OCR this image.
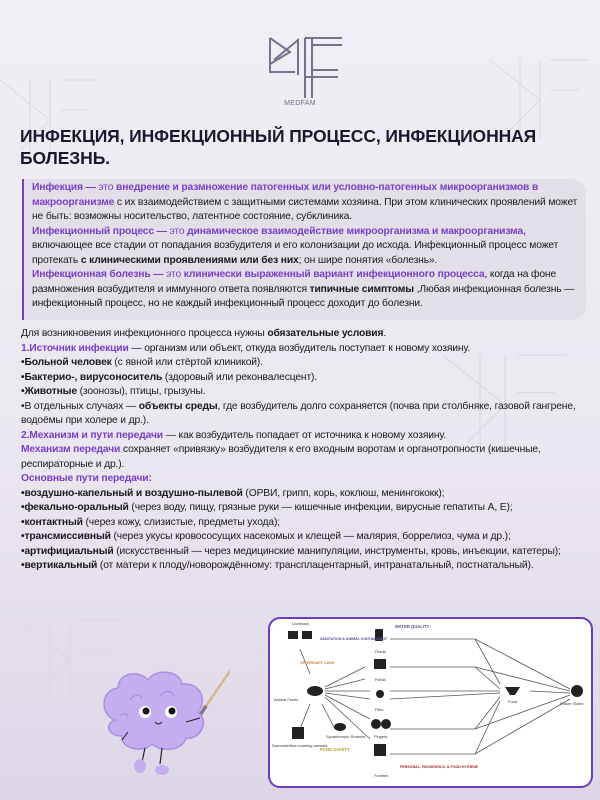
MEDFAM
ИНФЕКЦИЯ, ИНФЕКЦИОННЫЙ ПРОЦЕСС, ИНФЕКЦИОННАЯ БОЛЕЗНЬ.

Инфекция — это внедрение и размножение патогенных или условно-патогенных микроорганизмов в макроорганизме с их взаимодействием с защитными системами хозяина. При этом клинических проявлений может не быть: возможны носительство, латентное состояние, субклиника.

Инфекционный процесс — это динамическое взаимодействие микроорганизма и макроорганизма, включающее все стадии от попадания возбудителя и его колонизации до исхода. Инфекционный процесс может протекать с клиническими проявлениями или без них; он шире понятия «болезнь».

Инфекционная болезнь — это клинически выраженный вариант инфекционного процесса, когда на фоне размножения возбудителя и иммунного ответа появляются типичные симптомы ,Любая инфекционная болезнь — инфекционный процесс, но не каждый инфекционный процесс доходит до болезни.

Для возникновения инфекционного процесса нужны обязательные условия.

1.Источник инфекции — организм или объект, откуда возбудитель поступает к новому хозяину.

•Больной человек (с явной или стёртой клиникой).

•Бактерио-, вирусоноситель (здоровый или реконвалесцент).

•Животные (зоонозы), птицы, грызуны.

•В отдельных случаях — объекты среды, где возбудитель долго сохраняется (почва при столбняке, газовой гангрене, водоёмы при холере и др.).

2.Механизм и пути передачи — как возбудитель попадает от источника к новому хозяину.

Механизм передачи сохраняет «привязку» возбудителя к его входным воротам и органотропности (кишечные, респираторные и др.).

Основные пути передачи:

•воздушно-капельный и воздушно-пылевой (ОРВИ, грипп, корь, коклюш, менингококк);

•фекально-оральный (через воду, пищу, грязные руки — кишечные инфекции, вирусные гепатиты А, Е);

•контактный (через кожу, слизистые, предметы ухода);

•трансмиссивный (через укусы кровососущих насекомых и клещей — малярия, боррелиоз, чума и др.);

•артифициальный (искусственный — через медицинские манипуляции, инструменты, кровь, инъекции, катетеры);

•вертикальный (от матери к плоду/новорождённому: трансплацентарный, интранатальный, постнатальный).

Livestock
SANITATION & ANIMAL CONTAINMENT
VETERINARY CARE
WATER QUALITY
Fluids
Fields
Animal Feces
Flies
Synanthropic Rodents
Domestic/free-roaming animals
FOOD SAFETY
Fingers
Fomites
PERSONAL, HOUSEHOLD, & FOOD HYGIENE
Food	Future Victim
